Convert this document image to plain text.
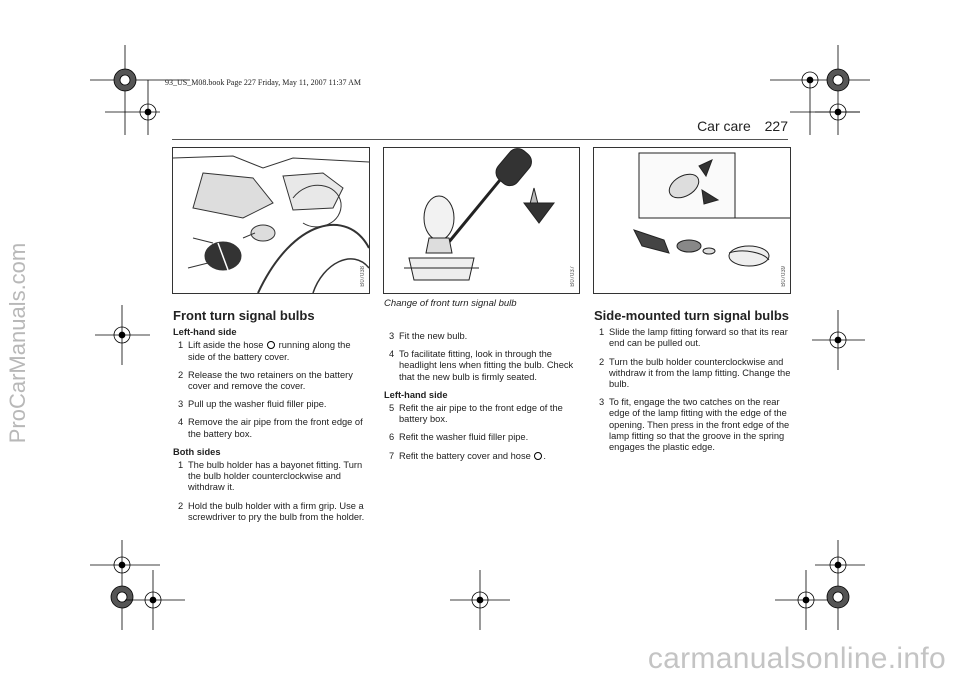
ProCarManuals.com
carmanualsonline.info
93_US_M08.book Page 227 Friday, May 11, 2007 11:37 AM
Car care 227
B07038	B07037	B07039
Change of front turn signal bulb
Front turn signal bulbs
Left-hand side
1 Lift aside the hose running along the side of the battery cover.
2 Release the two retainers on the battery cover and remove the cover.
3 Pull up the washer fluid filler pipe.
4 Remove the air pipe from the front edge of the battery box.
Both sides
1 The bulb holder has a bayonet fitting. Turn the bulb holder counterclockwise and withdraw it.
2 Hold the bulb holder with a firm grip. Use a screwdriver to pry the bulb from the holder.
3 Fit the new bulb.
4 To facilitate fitting, look in through the headlight lens when fitting the bulb. Check that the new bulb is firmly seated.
Left-hand side
5 Refit the air pipe to the front edge of the battery box.
6 Refit the washer fluid filler pipe.
7 Refit the battery cover and hose .
Side-mounted turn signal bulbs
1 Slide the lamp fitting forward so that its rear end can be pulled out.
2 Turn the bulb holder counterclockwise and withdraw it from the lamp fitting. Change the bulb.
3 To fit, engage the two catches on the rear edge of the lamp fitting with the edge of the opening. Then press in the front edge of the lamp fitting so that the groove in the spring engages the plastic edge.
